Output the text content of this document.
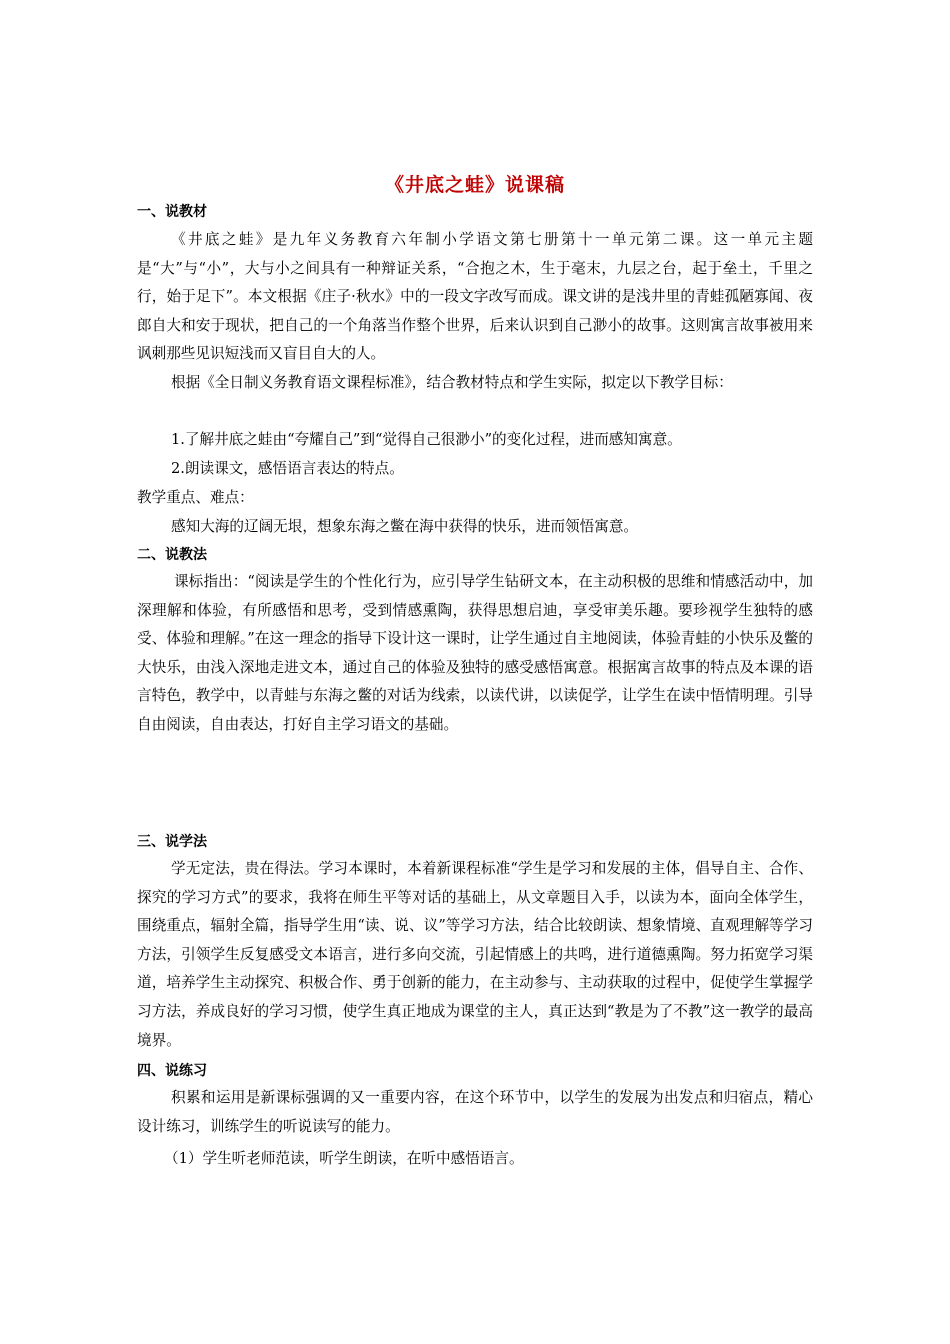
《井底之蛙》说课稿
一、说教材
《井底之蛙》是九年义务教育六年制小学语文第七册第十一单元第二课。这一单元主题是“大”与“小”，大与小之间具有一种辩证关系，“合抱之木，生于毫末，九层之台，起于垒土，千里之行，始于足下”。本文根据《庄子·秋水》中的一段文字改写而成。课文讲的是浅井里的青蛙孤陋寡闻、夜郎自大和安于现状，把自己的一个角落当作整个世界，后来认识到自己渺小的故事。这则寓言故事被用来讽刺那些见识短浅而又盲目自大的人。
根据《全日制义务教育语文课程标准》，结合教材特点和学生实际，拟定以下教学目标：
1.了解井底之蛙由“夸耀自己”到“觉得自己很渺小”的变化过程，进而感知寓意。
2.朗读课文，感悟语言表达的特点。
教学重点、难点：
感知大海的辽阔无垠，想象东海之鳖在海中获得的快乐，进而领悟寓意。
二、说教法
课标指出：“阅读是学生的个性化行为，应引导学生钻研文本，在主动积极的思维和情感活动中，加深理解和体验，有所感悟和思考，受到情感熏陶，获得思想启迪，享受审美乐趣。要珍视学生独特的感受、体验和理解。”在这一理念的指导下设计这一课时，让学生通过自主地阅读，体验青蛙的小快乐及鳖的大快乐，由浅入深地走进文本，通过自己的体验及独特的感受感悟寓意。根据寓言故事的特点及本课的语言特色，教学中，以青蛙与东海之鳖的对话为线索，以读代讲，以读促学，让学生在读中悟情明理。引导自由阅读，自由表达，打好自主学习语文的基础。
三、说学法
学无定法，贵在得法。学习本课时，本着新课程标准“学生是学习和发展的主体，倡导自主、合作、探究的学习方式”的要求，我将在师生平等对话的基础上，从文章题目入手，以读为本，面向全体学生，围绕重点，辐射全篇，指导学生用“读、说、议”等学习方法，结合比较朗读、想象情境、直观理解等学习方法，引领学生反复感受文本语言，进行多向交流，引起情感上的共鸣，进行道德熏陶。努力拓宽学习渠道，培养学生主动探究、积极合作、勇于创新的能力，在主动参与、主动获取的过程中，促使学生掌握学习方法，养成良好的学习习惯，使学生真正地成为课堂的主人，真正达到“教是为了不教”这一教学的最高境界。
四、说练习
积累和运用是新课标强调的又一重要内容，在这个环节中，以学生的发展为出发点和归宿点，精心设计练习，训练学生的听说读写的能力。
（1）学生听老师范读，听学生朗读，在听中感悟语言。
